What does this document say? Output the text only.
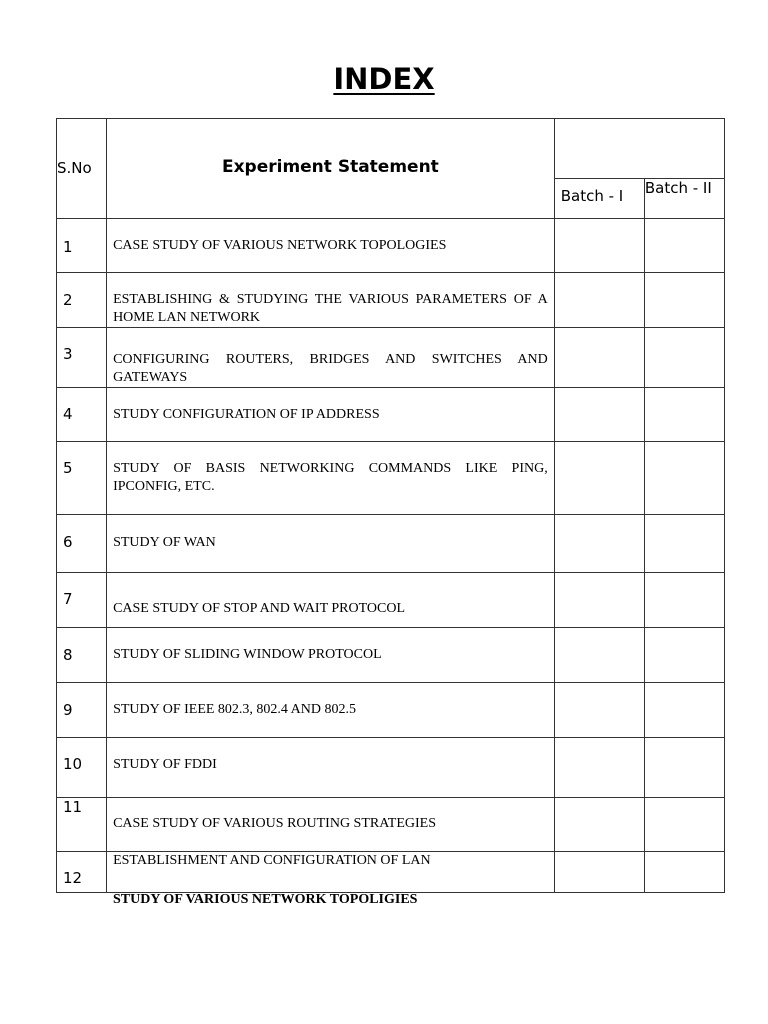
INDEX
S.No	Experiment Statement		

		Batch - I	Batch - II

1	CASE STUDY OF VARIOUS NETWORK TOPOLOGIES		

2	ESTABLISHING & STUDYING THE VARIOUS PARAMETERS OF A HOME LAN NETWORK		

3	CONFIGURING ROUTERS, BRIDGES AND SWITCHES AND GATEWAYS		

4	STUDY CONFIGURATION OF IP ADDRESS		

5	STUDY OF BASIS NETWORKING COMMANDS LIKE PING, IPCONFIG, ETC.		

6	STUDY OF WAN		

7	CASE STUDY OF STOP AND WAIT PROTOCOL		

8	STUDY OF SLIDING WINDOW PROTOCOL		

9	STUDY OF IEEE 802.3, 802.4 AND 802.5		

10	STUDY OF FDDI		

11	CASE STUDY OF VARIOUS ROUTING STRATEGIES		

12	ESTABLISHMENT AND CONFIGURATION OF LAN		

STUDY OF VARIOUS NETWORK TOPOLIGIES
